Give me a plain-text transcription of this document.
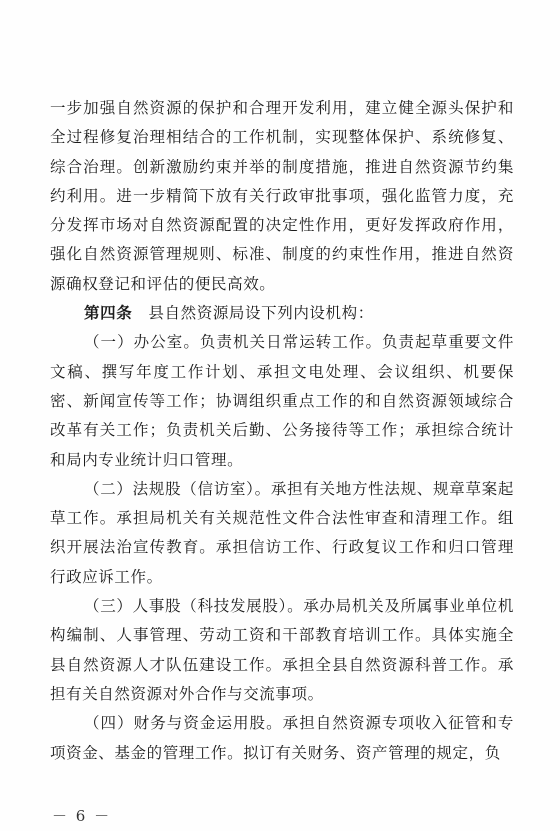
一步加强自然资源的保护和合理开发利用，建立健全源头保护和全过程修复治理相结合的工作机制，实现整体保护、系统修复、综合治理。创新激励约束并举的制度措施，推进自然资源节约集约利用。进一步精简下放有关行政审批事项，强化监管力度，充分发挥市场对自然资源配置的决定性作用，更好发挥政府作用，强化自然资源管理规则、标准、制度的约束性作用，推进自然资源确权登记和评估的便民高效。

第四条　县自然资源局设下列内设机构：

（一）办公室。负责机关日常运转工作。负责起草重要文件文稿、撰写年度工作计划、承担文电处理、会议组织、机要保密、新闻宣传等工作；协调组织重点工作的和自然资源领域综合改革有关工作；负责机关后勤、公务接待等工作；承担综合统计和局内专业统计归口管理。

（二）法规股（信访室）。承担有关地方性法规、规章草案起草工作。承担局机关有关规范性文件合法性审查和清理工作。组织开展法治宣传教育。承担信访工作、行政复议工作和归口管理行政应诉工作。

（三）人事股（科技发展股）。承办局机关及所属事业单位机构编制、人事管理、劳动工资和干部教育培训工作。具体实施全县自然资源人才队伍建设工作。承担全县自然资源科普工作。承担有关自然资源对外合作与交流事项。

（四）财务与资金运用股。承担自然资源专项收入征管和专项资金、基金的管理工作。拟订有关财务、资产管理的规定，负

－ 6 －
